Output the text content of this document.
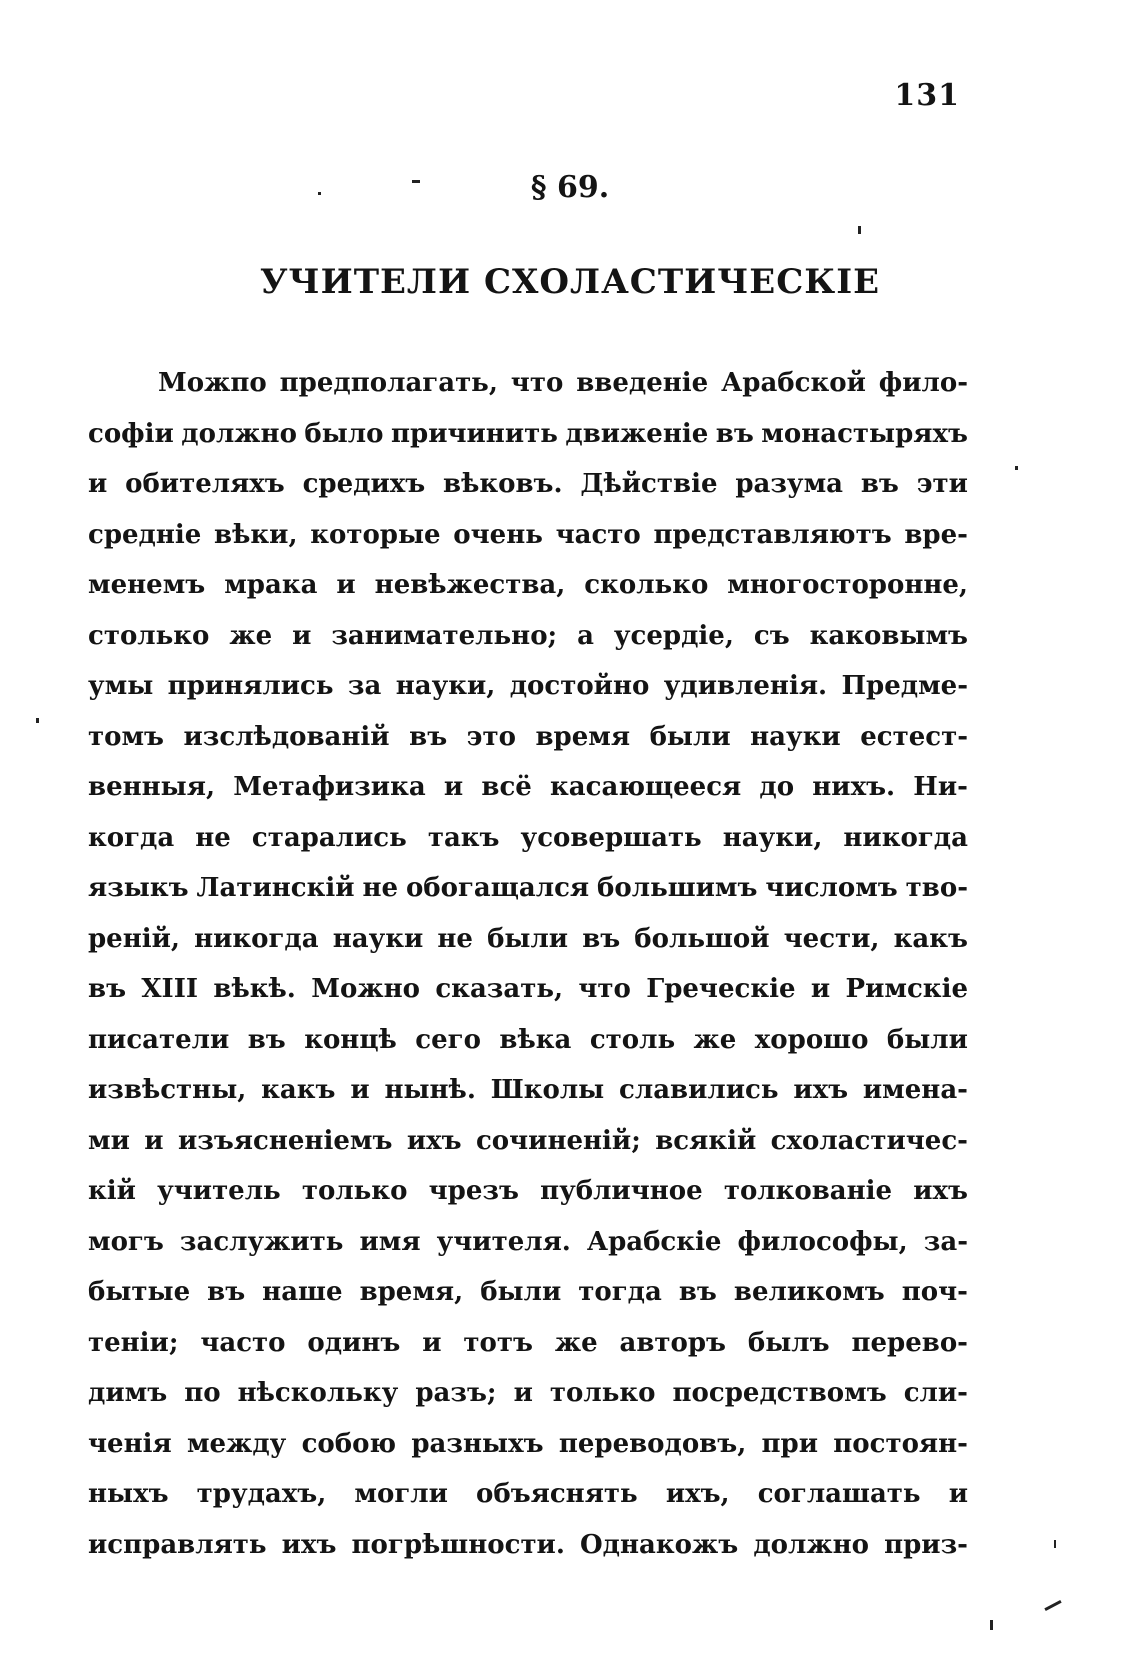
131
§ 69.
УЧИТЕЛИ СХОЛАСТИЧЕСКІЕ
Можпо предполагать, что введеніе Арабской фило-
софіи должно было причинить движеніе въ монастыряхъ
и обителяхъ средихъ вѣковъ. Дѣйствіе разума въ эти
средніе вѣки, которые очень часто представляютъ вре-
менемъ мрака и невѣжества, сколько многосторонне,
столько же и занимательно; а усердіе, съ каковымъ
умы принялись за науки, достойно удивленія. Предме-
томъ изслѣдованій въ это время были науки естест-
венныя, Метафизика и всё касающееся до нихъ. Ни-
когда не старались такъ усовершать науки, никогда
языкъ Латинскій не обогащался большимъ числомъ тво-
реній, никогда науки не были въ большой чести, какъ
въ XIII вѣкѣ. Можно сказать, что Греческіе и Римскіе
писатели въ концѣ сего вѣка столь же хорошо были
извѣстны, какъ и нынѣ. Школы славились ихъ имена-
ми и изъясненіемъ ихъ сочиненій; всякій схоластичес-
кій учитель только чрезъ публичное толкованіе ихъ
могъ заслужить имя учителя. Арабскіе философы, за-
бытые въ наше время, были тогда въ великомъ поч-
теніи; часто одинъ и тотъ же авторъ былъ перево-
димъ по нѣскольку разъ; и только посредствомъ сли-
ченія между собою разныхъ переводовъ, при постоян-
ныхъ трудахъ, могли объяснять ихъ, соглашать и
исправлять ихъ погрѣшности. Однакожъ должно приз-
